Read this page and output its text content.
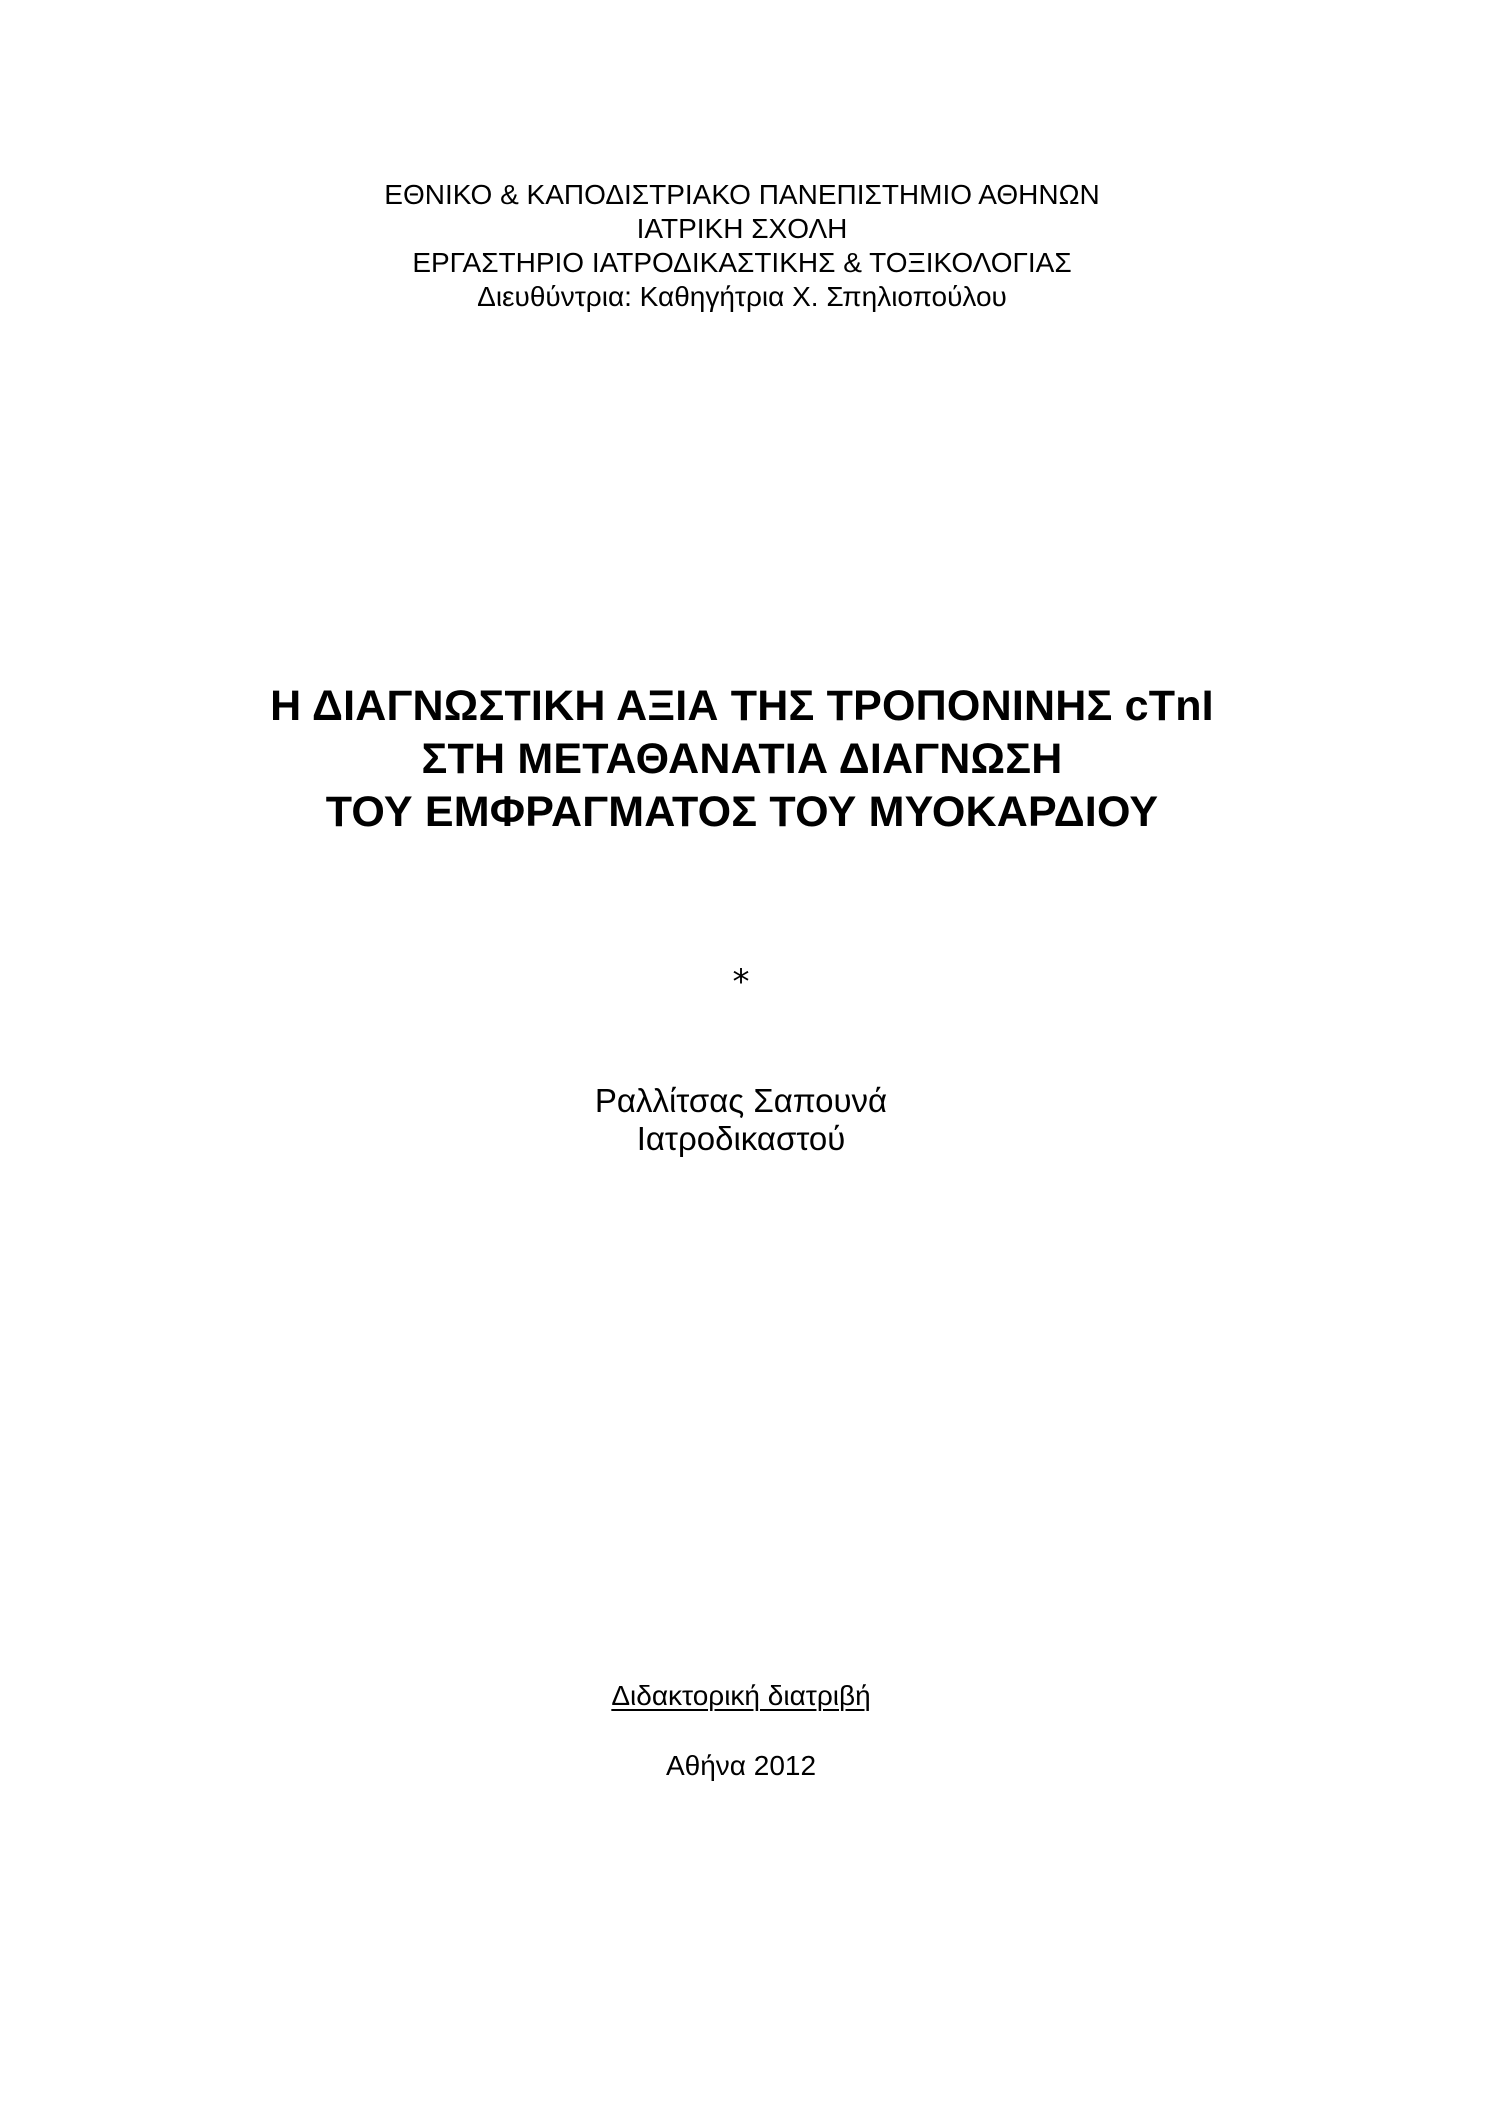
ΕΘΝΙΚΟ & ΚΑΠΟΔΙΣΤΡΙΑΚΟ ΠΑΝΕΠΙΣΤΗΜΙΟ ΑΘΗΝΩΝ
ΙΑΤΡΙΚΗ ΣΧΟΛΗ
ΕΡΓΑΣΤΗΡΙΟ ΙΑΤΡΟΔΙΚΑΣΤΙΚΗΣ & ΤΟΞΙΚΟΛΟΓΙΑΣ
Διευθύντρια: Καθηγήτρια Χ. Σπηλιοπούλου
Η ΔΙΑΓΝΩΣΤΙΚΗ ΑΞΙΑ ΤΗΣ ΤΡΟΠΟΝΙΝΗΣ cTnI
ΣΤΗ ΜΕΤΑΘΑΝΑΤΙΑ ΔΙΑΓΝΩΣΗ
ΤΟΥ ΕΜΦΡΑΓΜΑΤΟΣ ΤΟΥ ΜΥΟΚΑΡΔΙΟΥ
*
Ραλλίτσας Σαπουνά
Ιατροδικαστού
Διδακτορική διατριβή
Αθήνα 2012
